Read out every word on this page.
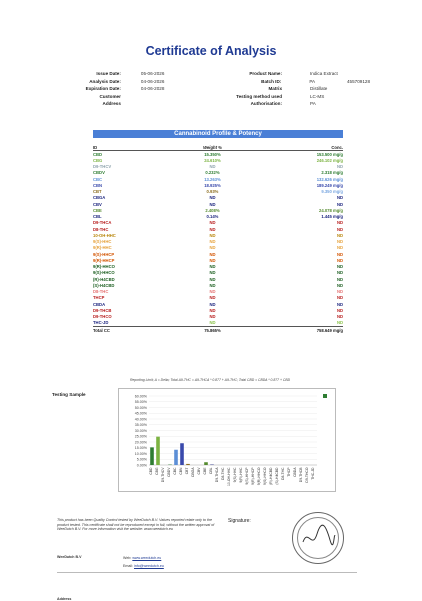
Certificate of Analysis
Issue Date:	05-06-2026
Analysis Date:	04-06-2026
Expiration Date:	04-06-2028
Customer
Address
Product Name:	Indica Extract
Batch ID:	PA	455709128
Matrix	Distillate
Testing method used	LC-MS
Authorisation:	PA
Cannabinoid Profile & Potency
ID	Weight %	Conc.
CBD	15.350%	153.500 mg/g
CBG	24.610%	246.102 mg/g
D9-THCV	ND	ND
CBDV	0.232%	2.318 mg/g
CBC	13.263%	132.626 mg/g
CBN	18.925%	189.249 mg/g
CBT	0.93%	9.350 mg/g
CBGA	ND	ND
CBV	ND	ND
CBE	2.408%	24.078 mg/g
CBL	0.14%	1.445 mg/g
D9-THCA	ND	ND
D8-THC	ND	ND
10-OH-HHC	ND	ND
9(S)-HHC	ND	ND
9(R)-HHC	ND	ND
9(S)-HHCP	ND	ND
9(R)-HHCP	ND	ND
9(R)-HHCO	ND	ND
9(S)-HHCO	ND	ND
(R)-H4CBD	ND	ND
(S)-H4CBD	ND	ND
D8-THC	ND	ND
THCP	ND	ND
CBDA	ND	ND
D9-THCB	ND	ND
D9-THCO	ND	ND
THC-JD	ND	ND
Total CC	75.865%	758.649 mg/g
Reporting Limit; Δ = Delta; Total Δ9-THC = Δ9-THCA * 0.877 + Δ9-THC; Total CBD = CBDA * 0.877 + CBD
Testing Sample	60.00%
55.00%
50.00%
45.00%
40.00%
35.00%
30.00%
25.00%
20.00%
15.00%
10.00%
5.00%
0.00%
CBD CBG D9-THCV CBDV CBC CBN CBT CBGA CBV CBE CBL D9-THCA D8-THC 10-OH-HHC 9(S)-HHC 9(R)-HHC 9(S)-HHCP 9(R)-HHCP 9(R)-HHCO 9(S)-HHCO (R)-H4CBD (S)-H4CBD D8-THC THCP CBDA D9-THCB D9-THCO THC-JD
This product has been Quality Control tested by WeeDutch B.V. Values reported relate only to the product tested. This certificate shall not be reproduced except in full, without the written approval of WeeDutch B.V. For more information visit the website: www.weedutch.eu
Signature:
WeeDutch B.V
Address
Web: www.weedutch.eu
Email: info@weedutch.eu
